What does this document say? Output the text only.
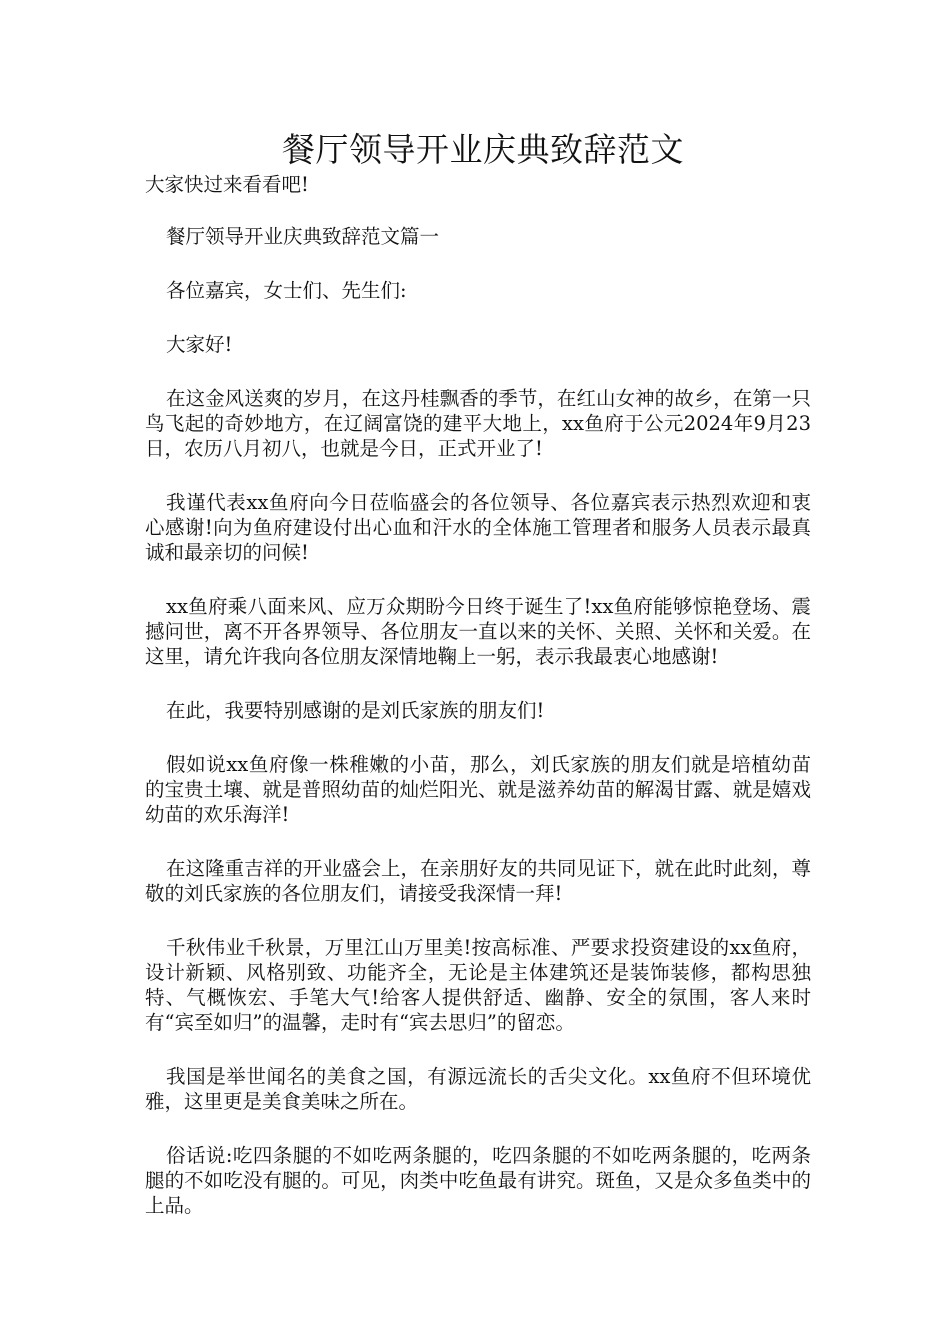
餐厅领导开业庆典致辞范文

大家快过来看看吧!

餐厅领导开业庆典致辞范文篇一

各位嘉宾，女士们、先生们:

大家好!

在这金风送爽的岁月，在这丹桂飘香的季节，在红山女神的故乡，在第一只鸟飞起的奇妙地方，在辽阔富饶的建平大地上，xx鱼府于公元2024年9月23日，农历八月初八，也就是今日，正式开业了!

我谨代表xx鱼府向今日莅临盛会的各位领导、各位嘉宾表示热烈欢迎和衷心感谢!向为鱼府建设付出心血和汗水的全体施工管理者和服务人员表示最真诚和最亲切的问候!

xx鱼府乘八面来风、应万众期盼今日终于诞生了!xx鱼府能够惊艳登场、震撼问世，离不开各界领导、各位朋友一直以来的关怀、关照、关怀和关爱。在这里，请允许我向各位朋友深情地鞠上一躬，表示我最衷心地感谢!

在此，我要特别感谢的是刘氏家族的朋友们!

假如说xx鱼府像一株稚嫩的小苗，那么，刘氏家族的朋友们就是培植幼苗的宝贵土壤、就是普照幼苗的灿烂阳光、就是滋养幼苗的解渴甘露、就是嬉戏幼苗的欢乐海洋!

在这隆重吉祥的开业盛会上，在亲朋好友的共同见证下，就在此时此刻，尊敬的刘氏家族的各位朋友们，请接受我深情一拜!

千秋伟业千秋景，万里江山万里美!按高标准、严要求投资建设的xx鱼府，设计新颖、风格别致、功能齐全，无论是主体建筑还是装饰装修，都构思独特、气概恢宏、手笔大气!给客人提供舒适、幽静、安全的氛围，客人来时有“宾至如归”的温馨，走时有“宾去思归”的留恋。

我国是举世闻名的美食之国，有源远流长的舌尖文化。xx鱼府不但环境优雅，这里更是美食美味之所在。

俗话说:吃四条腿的不如吃两条腿的，吃四条腿的不如吃两条腿的，吃两条腿的不如吃没有腿的。可见，肉类中吃鱼最有讲究。斑鱼，又是众多鱼类中的上品。
